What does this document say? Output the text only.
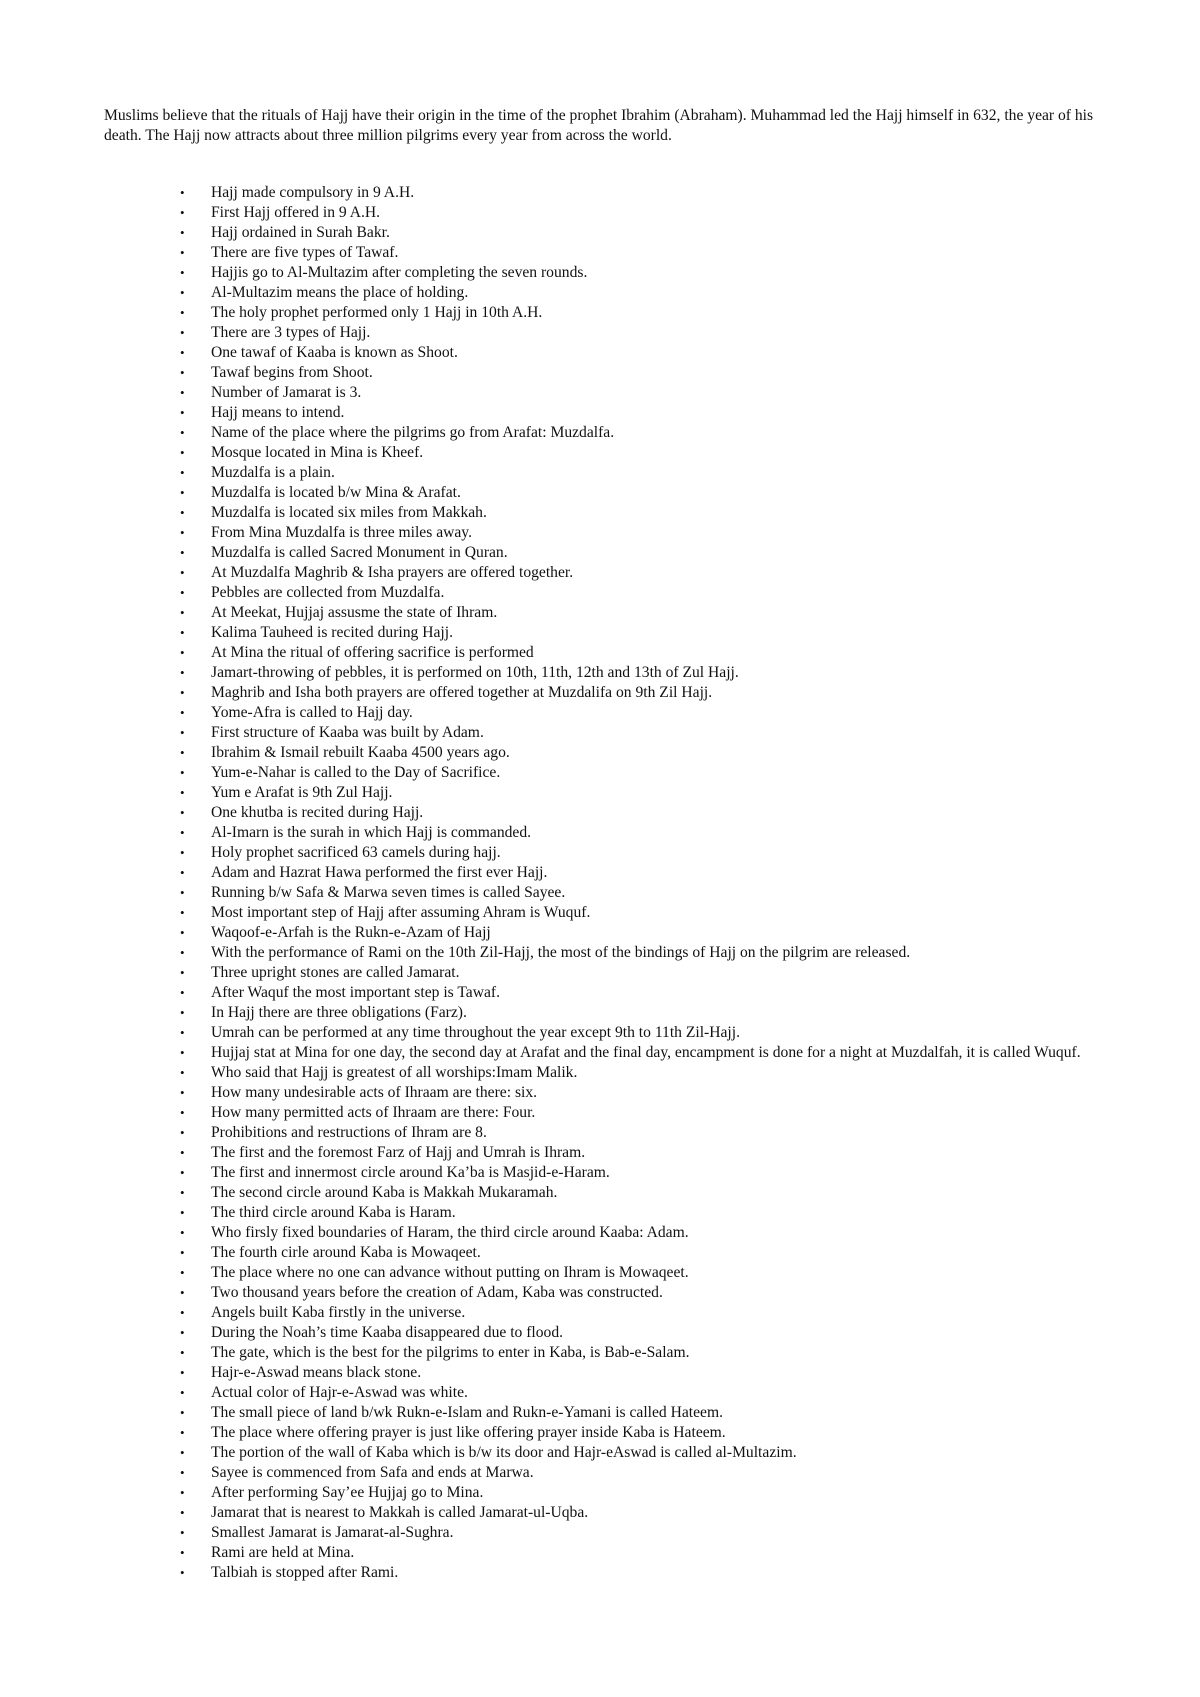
Muslims believe that the rituals of Hajj have their origin in the time of the prophet Ibrahim (Abraham). Muhammad led the Hajj himself in 632, the year of his death. The Hajj now attracts about three million pilgrims every year from across the world.

• Hajj made compulsory in 9 A.H.
• First Hajj offered in 9 A.H.
• Hajj ordained in Surah Bakr.
• There are five types of Tawaf.
• Hajjis go to Al-Multazim after completing the seven rounds.
• Al-Multazim means the place of holding.
• The holy prophet performed only 1 Hajj in 10th A.H.
• There are 3 types of Hajj.
• One tawaf of Kaaba is known as Shoot.
• Tawaf begins from Shoot.
• Number of Jamarat is 3.
• Hajj means to intend.
• Name of the place where the pilgrims go from Arafat: Muzdalfa.
• Mosque located in Mina is Kheef.
• Muzdalfa is a plain.
• Muzdalfa is located b/w Mina & Arafat.
• Muzdalfa is located six miles from Makkah.
• From Mina Muzdalfa is three miles away.
• Muzdalfa is called Sacred Monument in Quran.
• At Muzdalfa Maghrib & Isha prayers are offered together.
• Pebbles are collected from Muzdalfa.
• At Meekat, Hujjaj assusme the state of Ihram.
• Kalima Tauheed is recited during Hajj.
• At Mina the ritual of offering sacrifice is performed
• Jamart-throwing of pebbles, it is performed on 10th, 11th, 12th and 13th of Zul Hajj.
• Maghrib and Isha both prayers are offered together at Muzdalifa on 9th Zil Hajj.
• Yome-Afra is called to Hajj day.
• First structure of Kaaba was built by Adam.
• Ibrahim & Ismail rebuilt Kaaba 4500 years ago.
• Yum-e-Nahar is called to the Day of Sacrifice.
• Yum e Arafat is 9th Zul Hajj.
• One khutba is recited during Hajj.
• Al-Imarn is the surah in which Hajj is commanded.
• Holy prophet sacrificed 63 camels during hajj.
• Adam and Hazrat Hawa performed the first ever Hajj.
• Running b/w Safa & Marwa seven times is called Sayee.
• Most important step of Hajj after assuming Ahram is Wuquf.
• Waqoof-e-Arfah is the Rukn-e-Azam of Hajj
• With the performance of Rami on the 10th Zil-Hajj, the most of the bindings of Hajj on the pilgrim are released.
• Three upright stones are called Jamarat.
• After Waquf the most important step is Tawaf.
• In Hajj there are three obligations (Farz).
• Umrah can be performed at any time throughout the year except 9th to 11th Zil-Hajj.
• Hujjaj stat at Mina for one day, the second day at Arafat and the final day, encampment is done for a night at Muzdalfah, it is called Wuquf.
• Who said that Hajj is greatest of all worships:Imam Malik.
• How many undesirable acts of Ihraam are there: six.
• How many permitted acts of Ihraam are there: Four.
• Prohibitions and restructions of Ihram are 8.
• The first and the foremost Farz of Hajj and Umrah is Ihram.
• The first and innermost circle around Ka’ba is Masjid-e-Haram.
• The second circle around Kaba is Makkah Mukaramah.
• The third circle around Kaba is Haram.
• Who firsly fixed boundaries of Haram, the third circle around Kaaba: Adam.
• The fourth cirle around Kaba is Mowaqeet.
• The place where no one can advance without putting on Ihram is Mowaqeet.
• Two thousand years before the creation of Adam, Kaba was constructed.
• Angels built Kaba firstly in the universe.
• During the Noah’s time Kaaba disappeared due to flood.
• The gate, which is the best for the pilgrims to enter in Kaba, is Bab-e-Salam.
• Hajr-e-Aswad means black stone.
• Actual color of Hajr-e-Aswad was white.
• The small piece of land b/wk Rukn-e-Islam and Rukn-e-Yamani is called Hateem.
• The place where offering prayer is just like offering prayer inside Kaba is Hateem.
• The portion of the wall of Kaba which is b/w its door and Hajr-eAswad is called al-Multazim.
• Sayee is commenced from Safa and ends at Marwa.
• After performing Say’ee Hujjaj go to Mina.
• Jamarat that is nearest to Makkah is called Jamarat-ul-Uqba.
• Smallest Jamarat is Jamarat-al-Sughra.
• Rami are held at Mina.
• Talbiah is stopped after Rami.
